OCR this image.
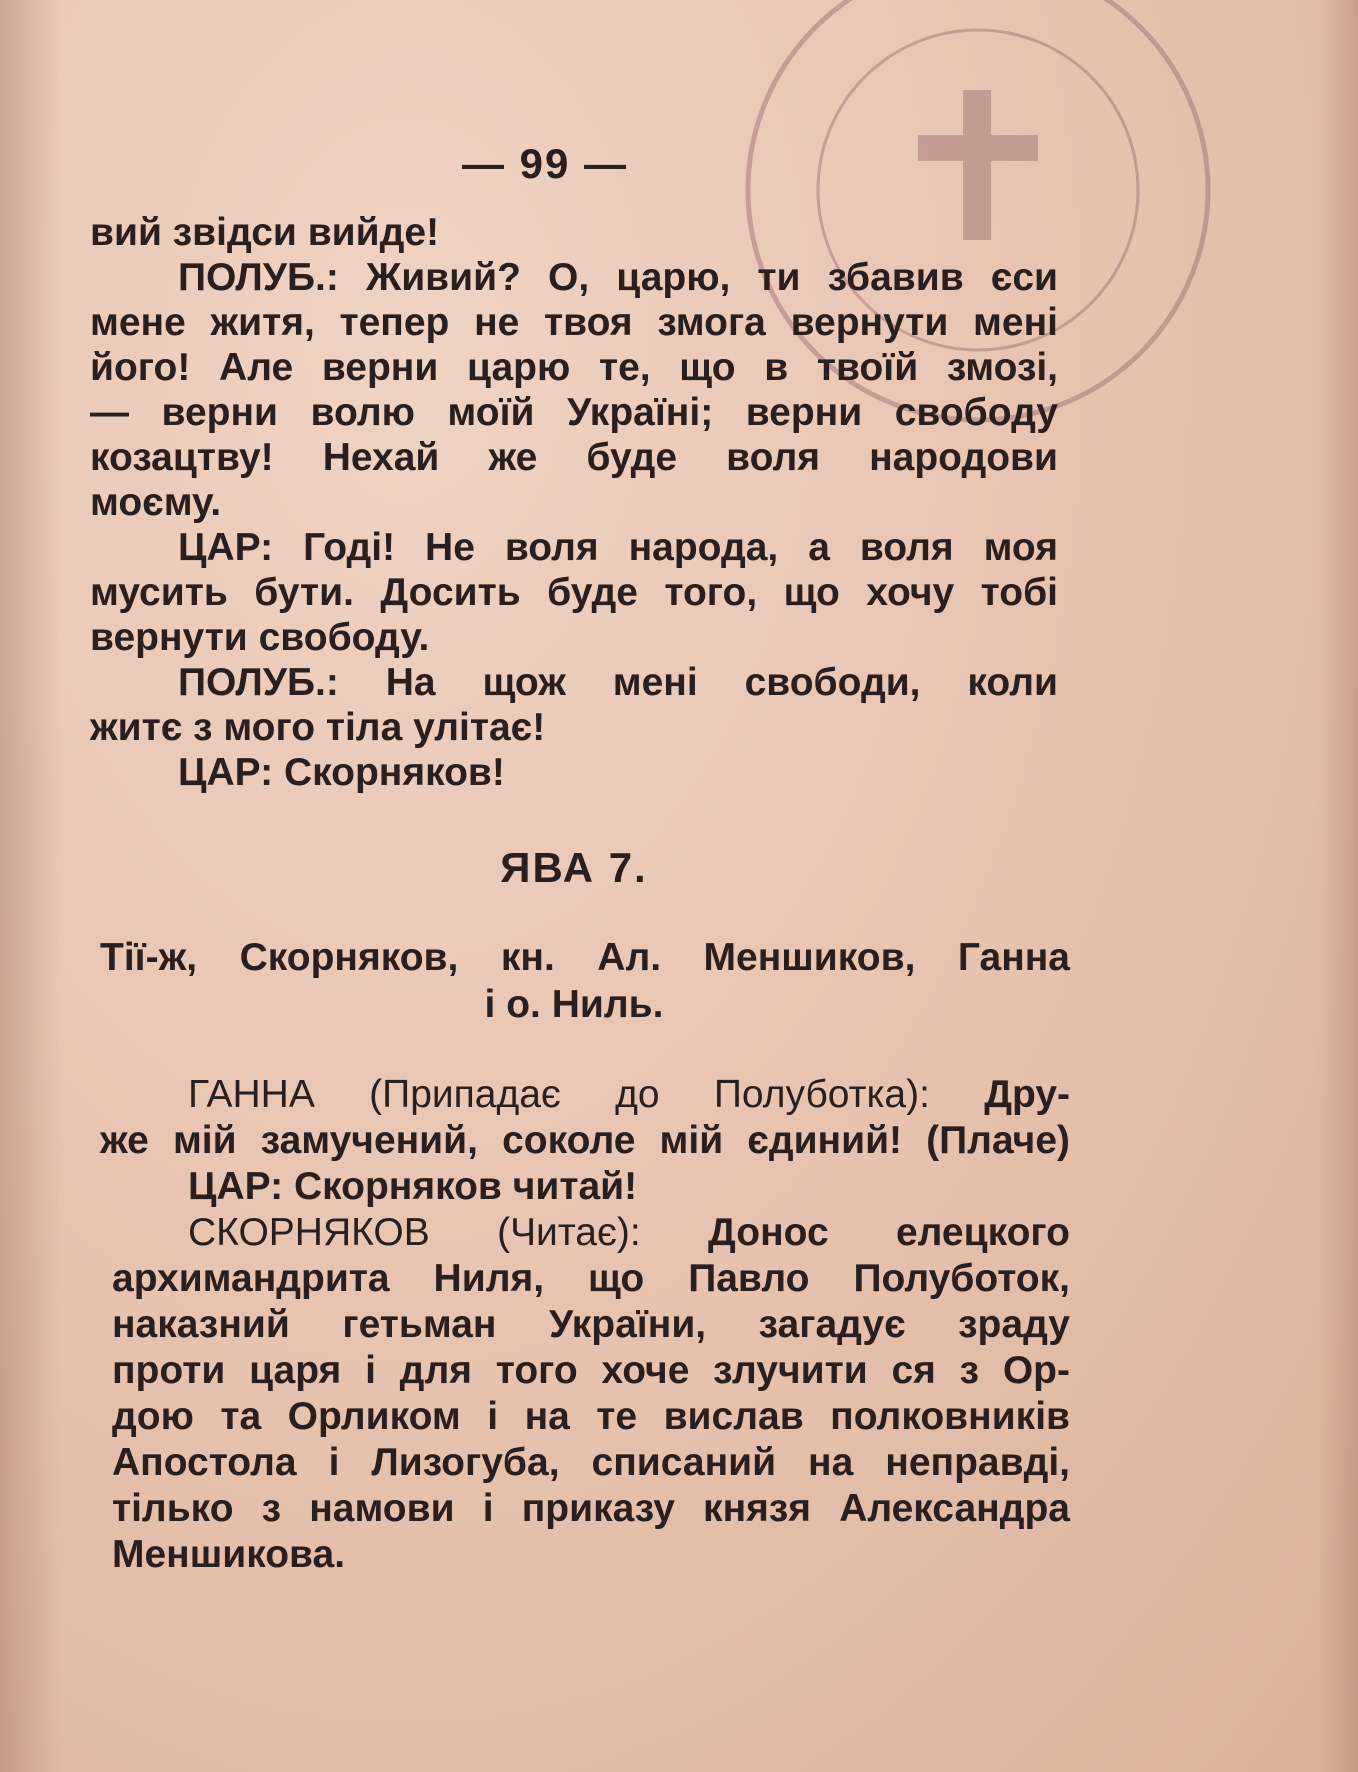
— 99 —
вий звідси вийде!
ПОЛУБ.: Живий? О, царю, ти збавив єси
мене житя, тепер не твоя змога вернути мені
його! Але верни царю те, що в твоїй змозі,
— верни волю моїй Україні; верни свободу
козацтву! Нехай же буде воля народови
моєму.
ЦАР: Годі! Не воля народа, а воля моя
мусить бути. Досить буде того, що хочу тобі
вернути свободу.
ПОЛУБ.: На щож мені свободи, коли
житє з мого тіла улітає!
ЦАР: Скорняков!
ЯВА 7.
Тії-ж, Скорняков, кн. Ал. Меншиков, Ганна
і о. Ниль.
ГАННА (Припадає до Полуботка): Дру-
же мій замучений, соколе мій єдиний! (Плаче)
ЦАР: Скорняков читай!
СКОРНЯКОВ (Читає): Донос елецкого
архимандрита Ниля, що Павло Полуботок,
наказний гетьман України, загадує зраду
проти царя і для того хоче злучити ся з Ор-
дою та Орликом і на те вислав полковників
Апостола і Лизогуба, списаний на неправді,
тілько з намови і приказу князя Александра
Меншикова.
